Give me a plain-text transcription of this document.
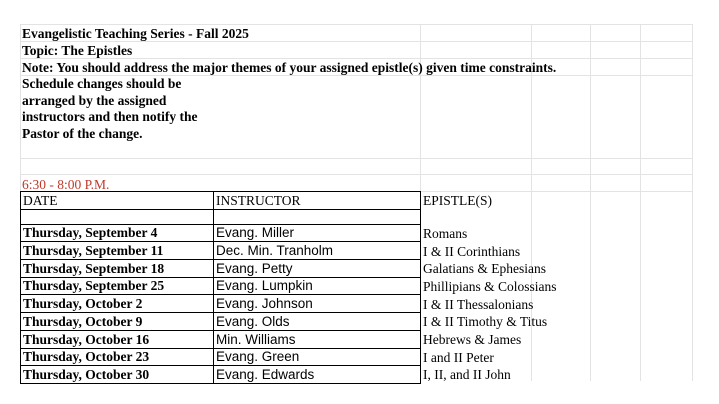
Evangelistic Teaching Series - Fall 2025
Topic: The Epistles
Note: You should address the major themes of your assigned epistle(s) given time constraints.
Schedule changes should be arranged by the assigned instructors and then notify the Pastor of the change.
6:30 - 8:00 P.M.
DATE	INSTRUCTOR	EPISTLE(S)

Thursday, September 4	Evang. Miller	Romans
Thursday, September 11	Dec. Min. Tranholm	I & II Corinthians
Thursday, September 18	Evang. Petty	Galatians & Ephesians
Thursday, September 25	Evang. Lumpkin	Phillipians & Colossians
Thursday, October 2	Evang. Johnson	I & II Thessalonians
Thursday, October 9	Evang. Olds	I & II Timothy & Titus
Thursday, October 16	Min. Williams	Hebrews & James
Thursday, October 23	Evang. Green	I and II Peter
Thursday, October 30	Evang. Edwards	I, II, and II John
